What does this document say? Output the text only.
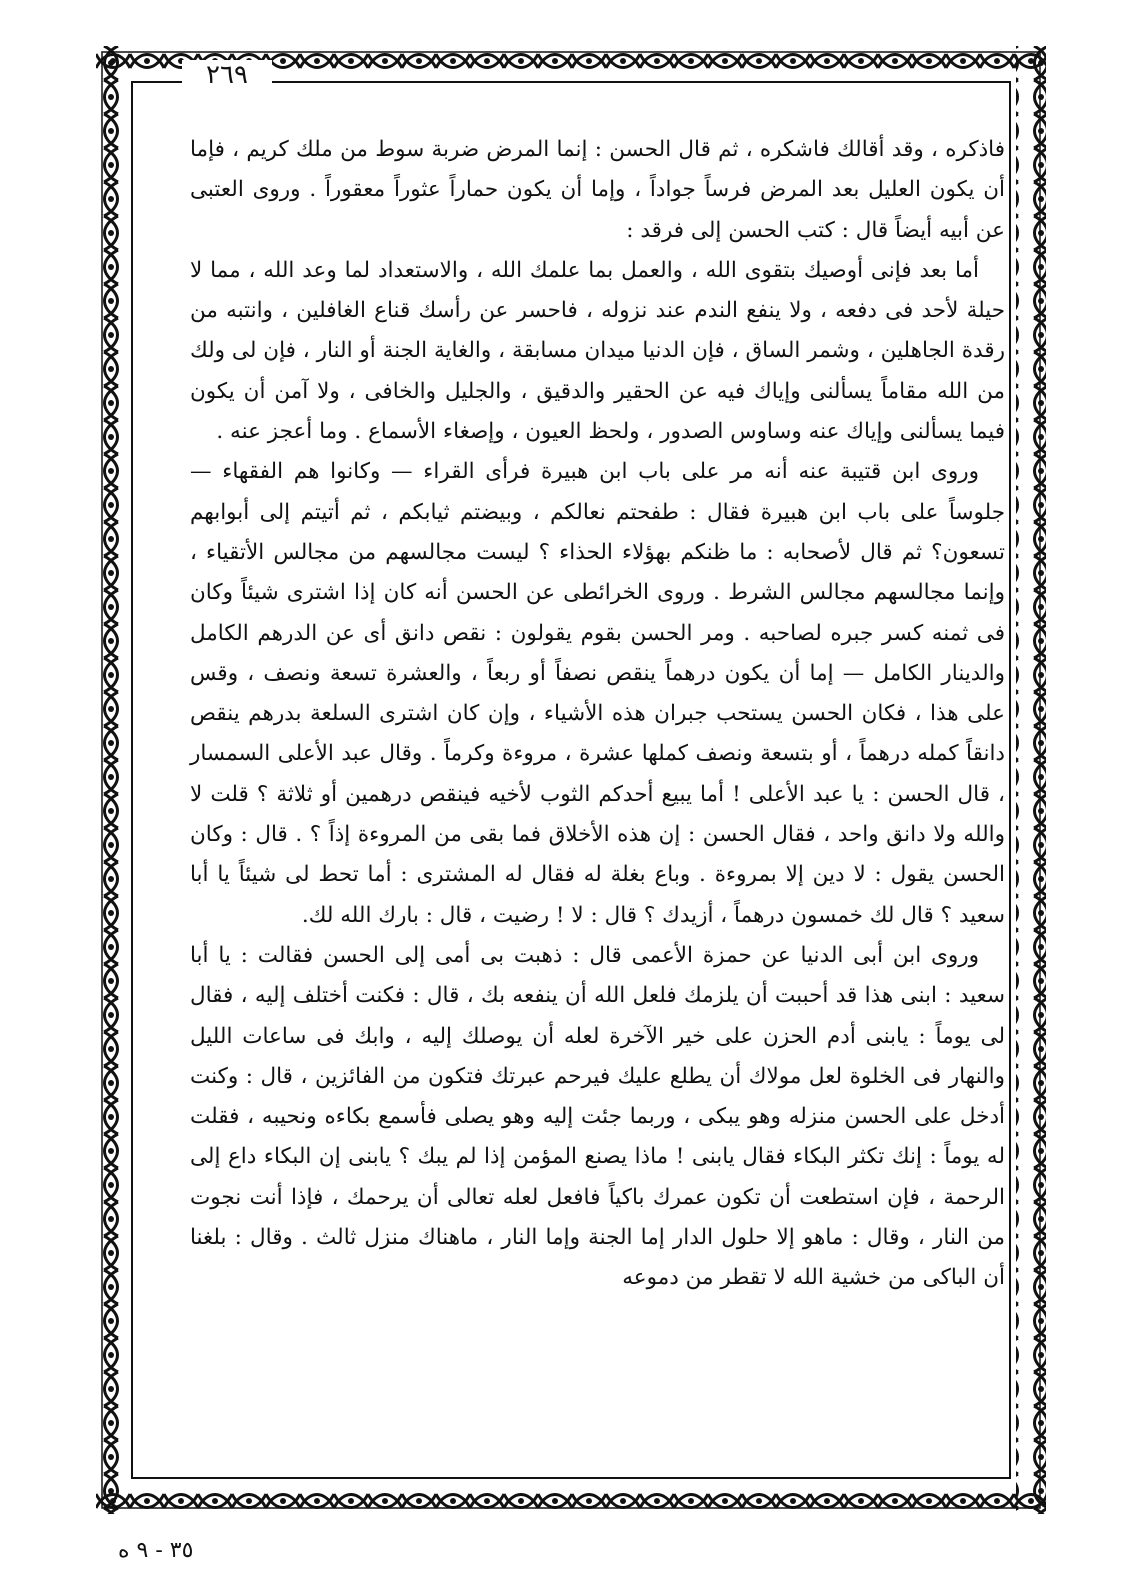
٢٦٩

فاذكره ، وقد أقالك فاشكره ، ثم قال الحسن : إنما المرض ضربة سوط من ملك كريم ، فإما أن يكون العليل بعد المرض فرساً جواداً ، وإما أن يكون حماراً عثوراً معقوراً . وروى العتبى عن أبيه أيضاً قال : كتب الحسن إلى فرقد :

أما بعد فإنى أوصيك بتقوى الله ، والعمل بما علمك الله ، والاستعداد لما وعد الله ، مما لا حيلة لأحد فى دفعه ، ولا ينفع الندم عند نزوله ، فاحسر عن رأسك قناع الغافلين ، وانتبه من رقدة الجاهلين ، وشمر الساق ، فإن الدنيا ميدان مسابقة ، والغاية الجنة أو النار ، فإن لى ولك من الله مقاماً يسألنى وإياك فيه عن الحقير والدقيق ، والجليل والخافى ، ولا آمن أن يكون فيما يسألنى وإياك عنه وساوس الصدور ، ولحظ العيون ، وإصغاء الأسماع . وما أعجز عنه .

وروى ابن قتيبة عنه أنه مر على باب ابن هبيرة فرأى القراء — وكانوا هم الفقهاء — جلوساً على باب ابن هبيرة فقال : طفحتم نعالكم ، وبيضتم ثيابكم ، ثم أتيتم إلى أبوابهم تسعون؟ ثم قال لأصحابه : ما ظنكم بهؤلاء الحذاء ؟ ليست مجالسهم من مجالس الأتقياء ، وإنما مجالسهم مجالس الشرط . وروى الخرائطى عن الحسن أنه كان إذا اشترى شيئاً وكان فى ثمنه كسر جبره لصاحبه . ومر الحسن بقوم يقولون : نقص دانق أى عن الدرهم الكامل والدينار الكامل — إما أن يكون درهماً ينقص نصفاً أو ربعاً ، والعشرة تسعة ونصف ، وقس على هذا ، فكان الحسن يستحب جبران هذه الأشياء ، وإن كان اشترى السلعة بدرهم ينقص دانقاً كمله درهماً ، أو بتسعة ونصف كملها عشرة ، مروءة وكرماً . وقال عبد الأعلى السمسار ، قال الحسن : يا عبد الأعلى ! أما يبيع أحدكم الثوب لأخيه فينقص درهمين أو ثلاثة ؟ قلت لا والله ولا دانق واحد ، فقال الحسن : إن هذه الأخلاق فما بقى من المروءة إذاً ؟ . قال : وكان الحسن يقول : لا دين إلا بمروءة . وباع بغلة له فقال له المشترى : أما تحط لى شيئاً يا أبا سعيد ؟ قال لك خمسون درهماً ، أزيدك ؟ قال : لا ! رضيت ، قال : بارك الله لك.

وروى ابن أبى الدنيا عن حمزة الأعمى قال : ذهبت بى أمى إلى الحسن فقالت : يا أبا سعيد : ابنى هذا قد أحببت أن يلزمك فلعل الله أن ينفعه بك ، قال : فكنت أختلف إليه ، فقال لى يوماً : يابنى أدم الحزن على خير الآخرة لعله أن يوصلك إليه ، وابك فى ساعات الليل والنهار فى الخلوة لعل مولاك أن يطلع عليك فيرحم عبرتك فتكون من الفائزين ، قال : وكنت أدخل على الحسن منزله وهو يبكى ، وربما جئت إليه وهو يصلى فأسمع بكاءه ونحيبه ، فقلت له يوماً : إنك تكثر البكاء فقال يابنى ! ماذا يصنع المؤمن إذا لم يبك ؟ يابنى إن البكاء داع إلى الرحمة ، فإن استطعت أن تكون عمرك باكياً فافعل لعله تعالى أن يرحمك ، فإذا أنت نجوت من النار ، وقال : ماهو إلا حلول الدار إما الجنة وإما النار ، ماهناك منزل ثالث . وقال : بلغنا أن الباكى من خشية الله لا تقطر من دموعه

٣٥ - ٩ ه
